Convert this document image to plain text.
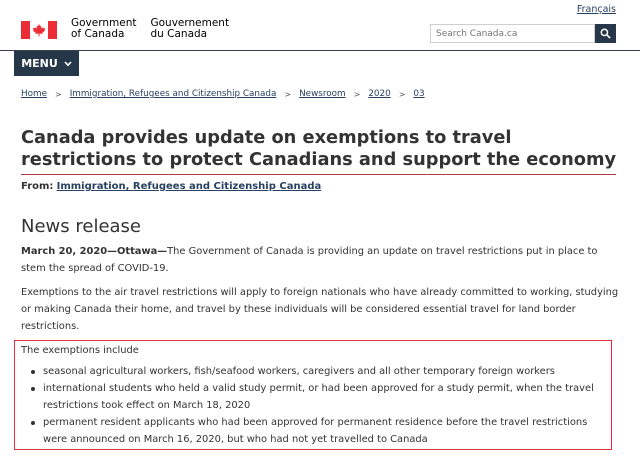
Français
Government
of Canada
Gouvernement
du Canada
Search Canada.ca
MENU
Home > Immigration, Refugees and Citizenship Canada > Newsroom > 2020 > 03
Canada provides update on exemptions to travel restrictions to protect Canadians and support the economy
From: Immigration, Refugees and Citizenship Canada
News release

March 20, 2020—Ottawa—The Government of Canada is providing an update on travel restrictions put in place to stem the spread of COVID-19.

Exemptions to the air travel restrictions will apply to foreign nationals who have already committed to working, studying or making Canada their home, and travel by these individuals will be considered essential travel for land border restrictions.

The exemptions include
seasonal agricultural workers, fish/seafood workers, caregivers and all other temporary foreign workers
international students who held a valid study permit, or had been approved for a study permit, when the travel restrictions took effect on March 18, 2020
permanent resident applicants who had been approved for permanent residence before the travel restrictions were announced on March 16, 2020, but who had not yet travelled to Canada
